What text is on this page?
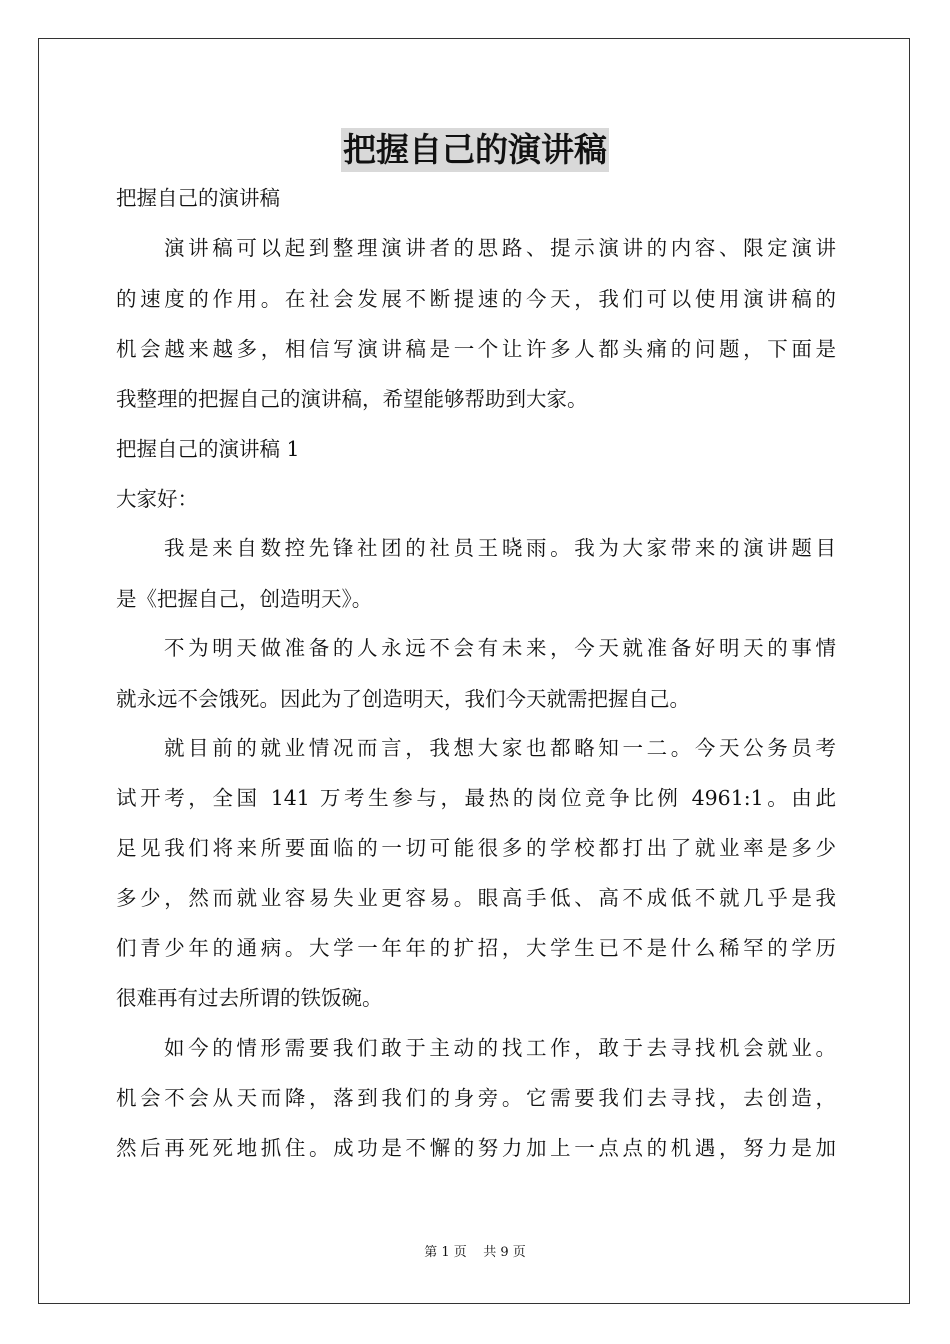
把握自己的演讲稿

把握自己的演讲稿

演讲稿可以起到整理演讲者的思路、提示演讲的内容、限定演讲

的速度的作用。在社会发展不断提速的今天，我们可以使用演讲稿的

机会越来越多，相信写演讲稿是一个让许多人都头痛的问题，下面是

我整理的把握自己的演讲稿，希望能够帮助到大家。

把握自己的演讲稿 1

大家好：

我是来自数控先锋社团的社员王晓雨。我为大家带来的演讲题目

是《把握自己，创造明天》。

不为明天做准备的人永远不会有未来，今天就准备好明天的事情

就永远不会饿死。因此为了创造明天，我们今天就需把握自己。

就目前的就业情况而言，我想大家也都略知一二。今天公务员考

试开考，全国 141 万考生参与，最热的岗位竞争比例 4961:1。由此

足见我们将来所要面临的一切可能很多的学校都打出了就业率是多少

多少，然而就业容易失业更容易。眼高手低、高不成低不就几乎是我

们青少年的通病。大学一年年的扩招，大学生已不是什么稀罕的学历

很难再有过去所谓的铁饭碗。

如今的情形需要我们敢于主动的找工作，敢于去寻找机会就业。

机会不会从天而降，落到我们的身旁。它需要我们去寻找，去创造，

然后再死死地抓住。成功是不懈的努力加上一点点的机遇，努力是加

第 1 页    共 9 页
